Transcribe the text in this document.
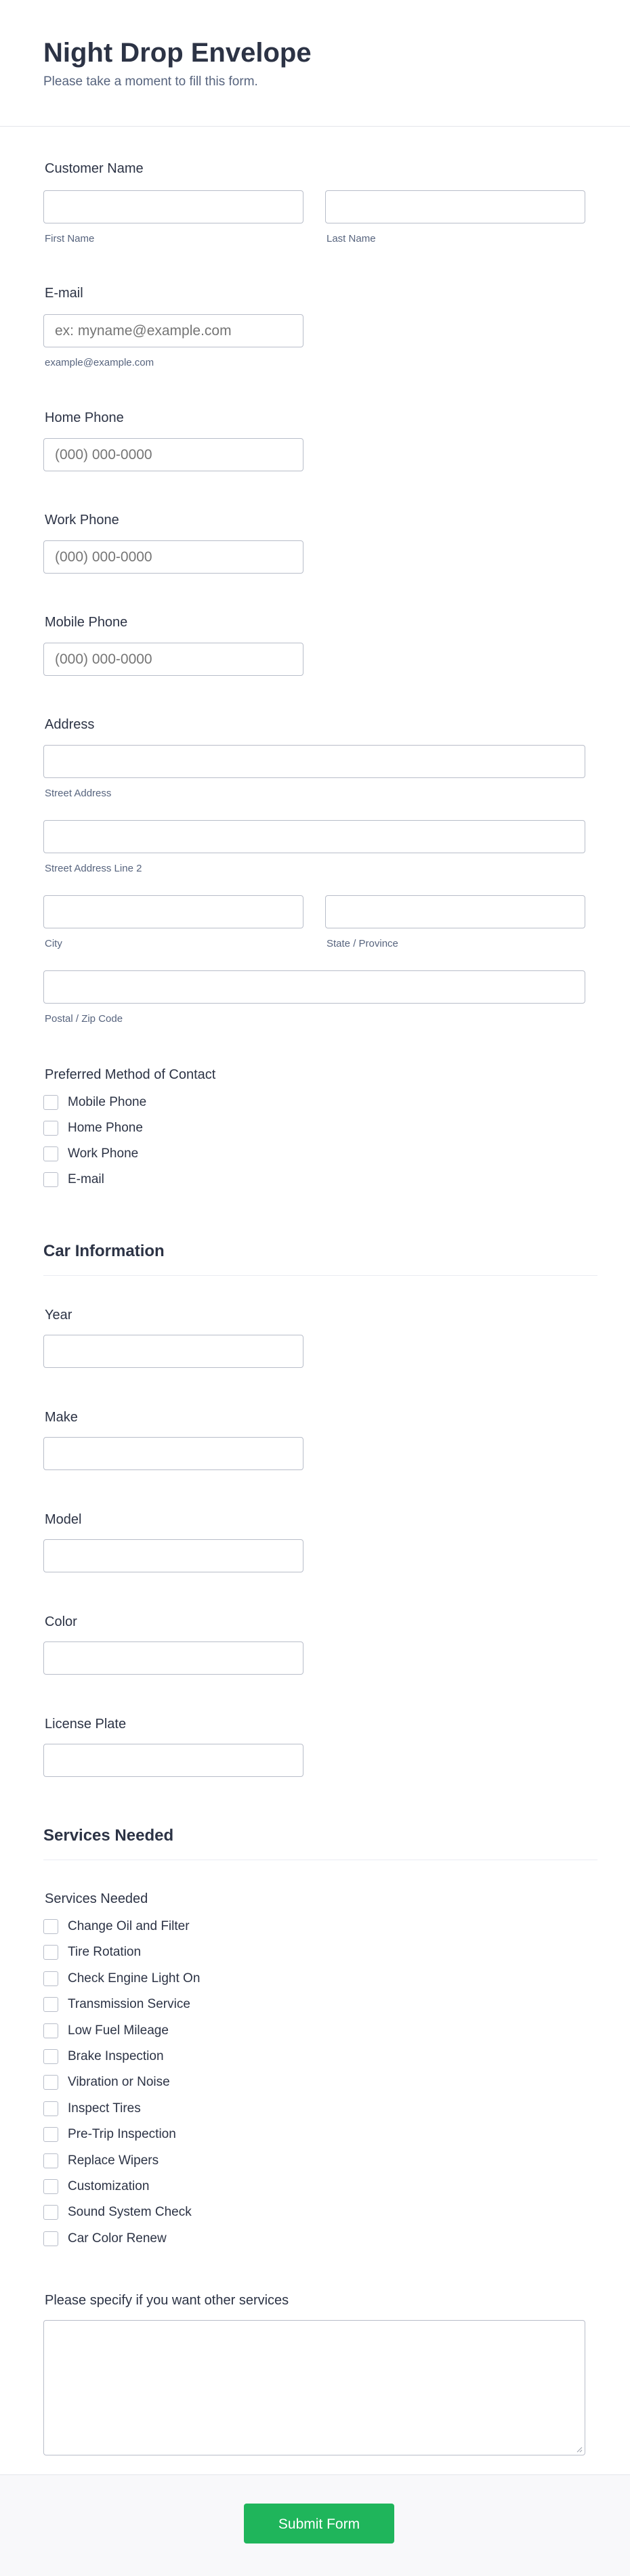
Night Drop Envelope
Please take a moment to fill this form.
Customer Name
First Name	Last Name
E-mail
ex: myname@example.com
example@example.com
Home Phone
(000) 000-0000
Work Phone
(000) 000-0000
Mobile Phone
(000) 000-0000
Address
Street Address
Street Address Line 2
City	State / Province
Postal / Zip Code
Preferred Method of Contact
Mobile Phone
Home Phone
Work Phone
E-mail
Car Information
Year
Make
Model
Color
License Plate
Services Needed
Services Needed
Change Oil and Filter
Tire Rotation
Check Engine Light On
Transmission Service
Low Fuel Mileage
Brake Inspection
Vibration or Noise
Inspect Tires
Pre-Trip Inspection
Replace Wipers
Customization
Sound System Check
Car Color Renew
Please specify if you want other services
Submit Form
